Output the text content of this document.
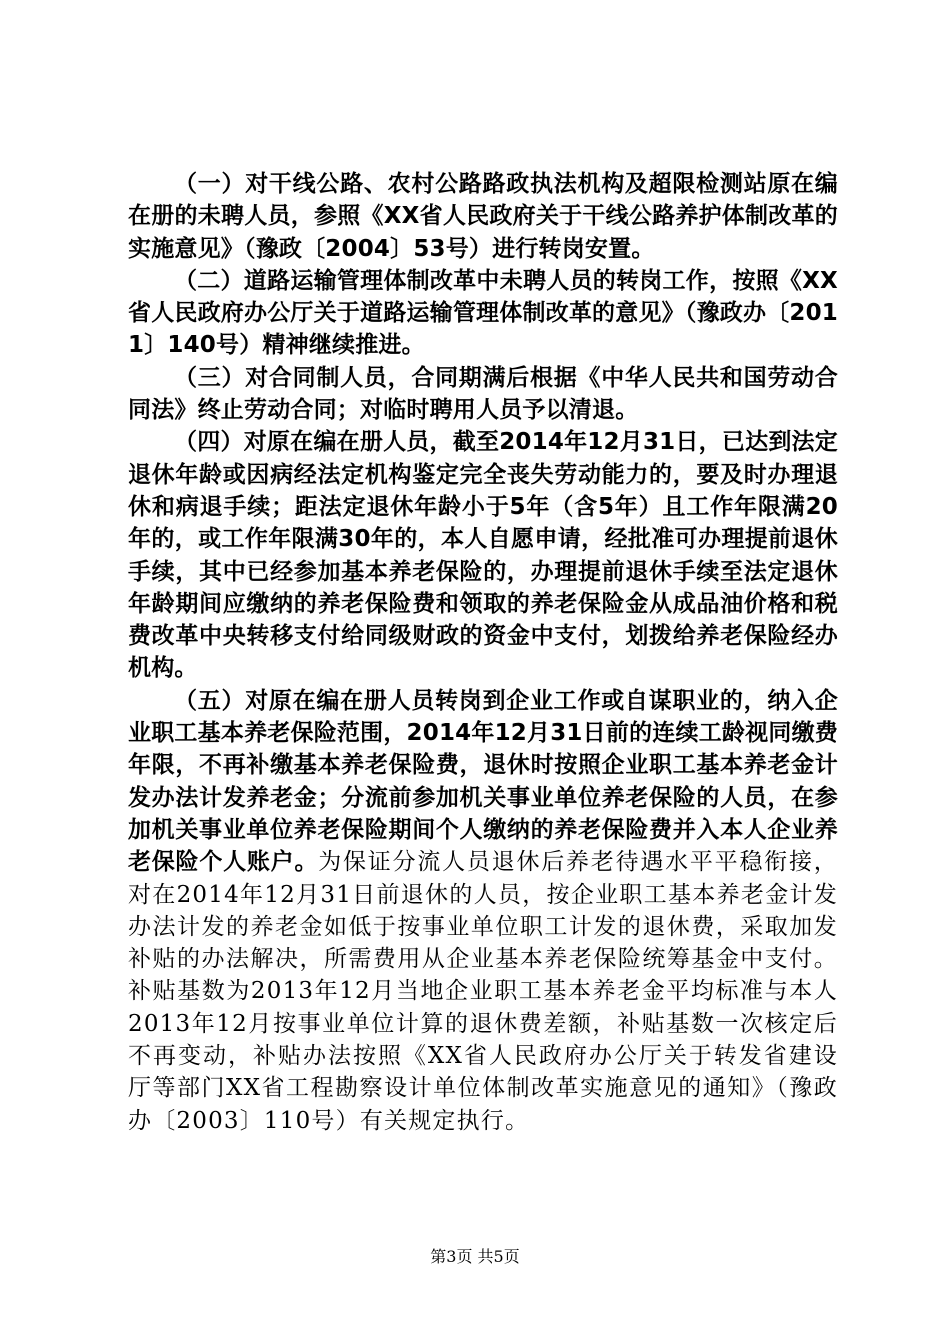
（一）对干线公路、农村公路路政执法机构及超限检测站原在编在册的未聘人员，参照《XX省人民政府关于干线公路养护体制改革的实施意见》（豫政〔2004〕53号）进行转岗安置。

（二）道路运输管理体制改革中未聘人员的转岗工作，按照《XX省人民政府办公厅关于道路运输管理体制改革的意见》（豫政办〔2011〕140号）精神继续推进。

（三）对合同制人员，合同期满后根据《中华人民共和国劳动合同法》终止劳动合同；对临时聘用人员予以清退。

（四）对原在编在册人员，截至2014年12月31日，已达到法定退休年龄或因病经法定机构鉴定完全丧失劳动能力的，要及时办理退休和病退手续；距法定退休年龄小于5年（含5年）且工作年限满20年的，或工作年限满30年的，本人自愿申请，经批准可办理提前退休手续，其中已经参加基本养老保险的，办理提前退休手续至法定退休年龄期间应缴纳的养老保险费和领取的养老保险金从成品油价格和税费改革中央转移支付给同级财政的资金中支付，划拨给养老保险经办机构。

（五）对原在编在册人员转岗到企业工作或自谋职业的，纳入企业职工基本养老保险范围，2014年12月31日前的连续工龄视同缴费年限，不再补缴基本养老保险费，退休时按照企业职工基本养老金计发办法计发养老金；分流前参加机关事业单位养老保险的人员，在参加机关事业单位养老保险期间个人缴纳的养老保险费并入本人企业养老保险个人账户。为保证分流人员退休后养老待遇水平平稳衔接，对在2014年12月31日前退休的人员，按企业职工基本养老金计发办法计发的养老金如低于按事业单位职工计发的退休费，采取加发补贴的办法解决，所需费用从企业基本养老保险统筹基金中支付。补贴基数为2013年12月当地企业职工基本养老金平均标准与本人2013年12月按事业单位计算的退休费差额，补贴基数一次核定后不再变动，补贴办法按照《XX省人民政府办公厅关于转发省建设厅等部门XX省工程勘察设计单位体制改革实施意见的通知》（豫政办〔2003〕110号）有关规定执行。

第3页 共5页
